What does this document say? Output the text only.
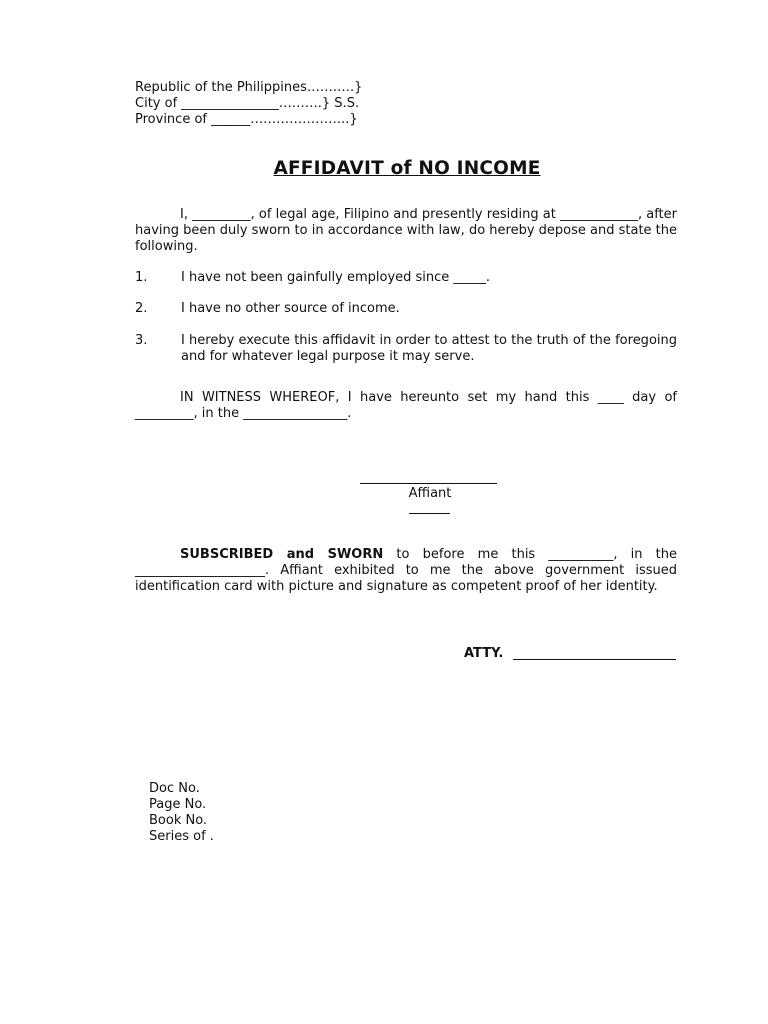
Republic of the Philippines…….….}
City of _______________……….} S.S.
Province of ______…………………..}
AFFIDAVIT of NO INCOME
I, _________, of legal age, Filipino and presently residing at ____________, after having been duly sworn to in accordance with law, do hereby depose and state the following.
1.	I have not been gainfully employed since _____.
2.	I have no other source of income.
3.	I hereby execute this affidavit in order to attest to the truth of the foregoing and for whatever legal purpose it may serve.
IN WITNESS WHEREOF, I have hereunto set my hand this ____ day of _________, in the ________________.
Affiant
SUBSCRIBED and SWORN to before me this __________, in the ____________________. Affiant exhibited to me the above government issued identification card with picture and signature as competent proof of her identity.
ATTY.
Doc No.
Page No.
Book No.
Series of .
